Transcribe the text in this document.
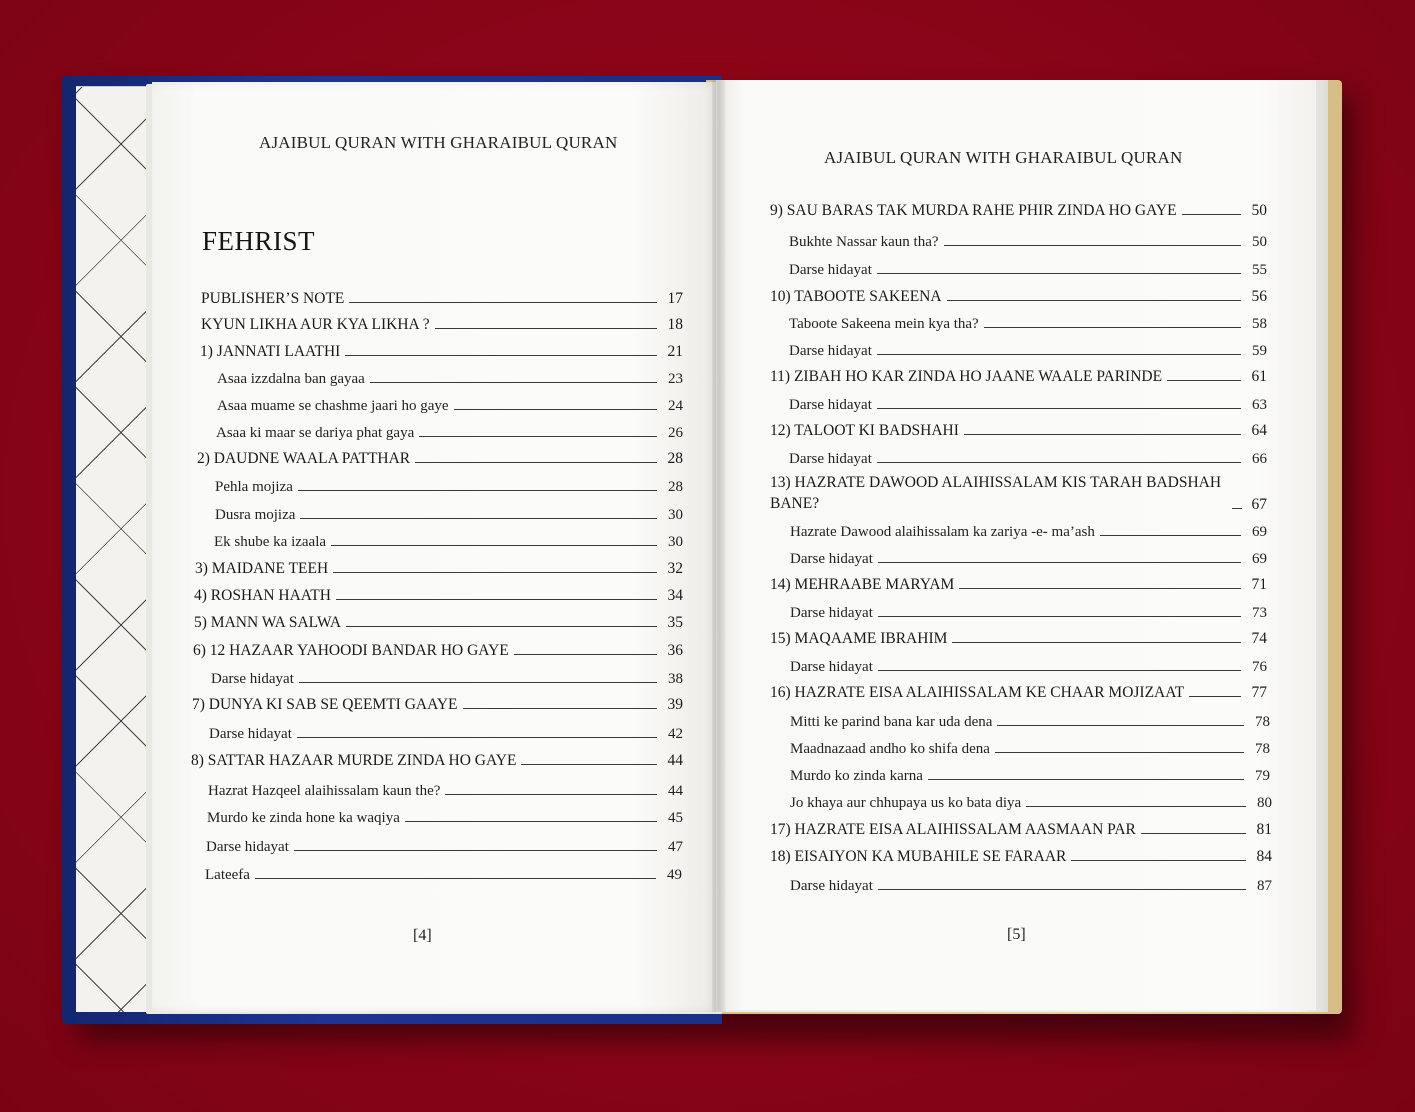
AJAIBUL QURAN WITH GHARAIBUL QURAN
FEHRIST
PUBLISHER’S NOTE	17
KYUN LIKHA AUR KYA LIKHA ?	18
1) JANNATI LAATHI	21
Asaa izzdalna ban gayaa	23
Asaa muame se chashme jaari ho gaye	24
Asaa ki maar se dariya phat gaya	26
2) DAUDNE WAALA PATTHAR	28
Pehla mojiza	28
Dusra mojiza	30
Ek shube ka izaala	30
3) MAIDANE TEEH	32
4) ROSHAN HAATH	34
5) MANN WA SALWA	35
6) 12 HAZAAR YAHOODI BANDAR HO GAYE	36
Darse hidayat	38
7) DUNYA KI SAB SE QEEMTI GAAYE	39
Darse hidayat	42
8) SATTAR HAZAAR MURDE ZINDA HO GAYE	44
Hazrat Hazqeel alaihissalam kaun the?	44
Murdo ke zinda hone ka waqiya	45
Darse hidayat	47
Lateefa	49
[4]
AJAIBUL QURAN WITH GHARAIBUL QURAN
9) SAU BARAS TAK MURDA RAHE PHIR ZINDA HO GAYE	50
Bukhte Nassar kaun tha?	50
Darse hidayat	55
10) TABOOTE SAKEENA	56
Taboote Sakeena mein kya tha?	58
Darse hidayat	59
11) ZIBAH HO KAR ZINDA HO JAANE WAALE PARINDE	61
Darse hidayat	63
12) TALOOT KI BADSHAHI	64
Darse hidayat	66
13) HAZRATE DAWOOD ALAIHISSALAM KIS TARAH BADSHAH BANE?	67
Hazrate Dawood alaihissalam ka zariya -e- ma’ash	69
Darse hidayat	69
14) MEHRAABE MARYAM	71
Darse hidayat	73
15) MAQAAME IBRAHIM	74
Darse hidayat	76
16) HAZRATE EISA ALAIHISSALAM KE CHAAR MOJIZAAT	77
Mitti ke parind bana kar uda dena	78
Maadnazaad andho ko shifa dena	78
Murdo ko zinda karna	79
Jo khaya aur chhupaya us ko bata diya	80
17) HAZRATE EISA ALAIHISSALAM AASMAAN PAR	81
18) EISAIYON KA MUBAHILE SE FARAAR	84
Darse hidayat	87
[5]
